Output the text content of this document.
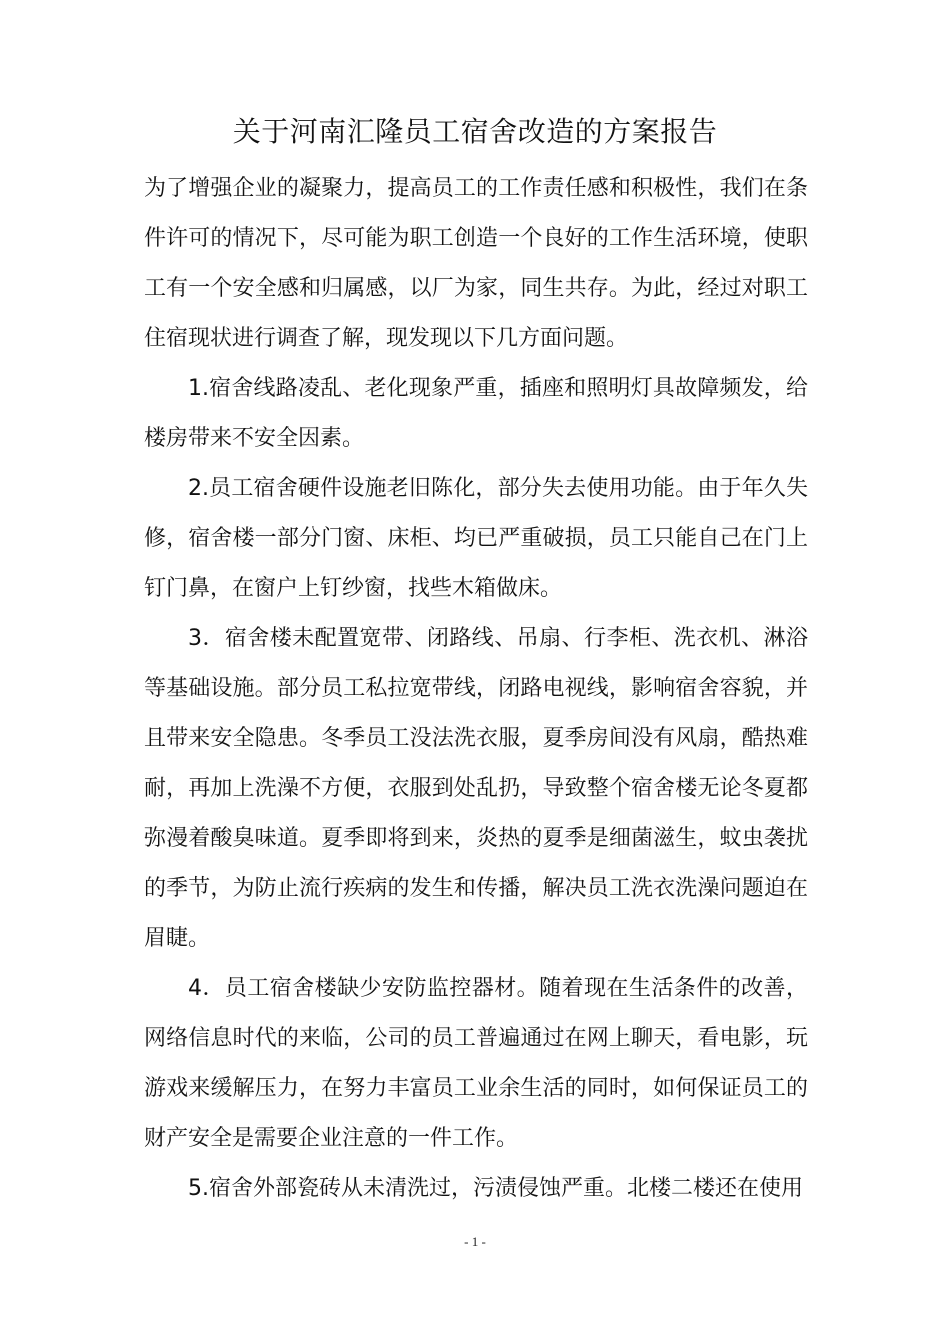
关于河南汇隆员工宿舍改造的方案报告

为了增强企业的凝聚力，提高员工的工作责任感和积极性，我们在条件许可的情况下，尽可能为职工创造一个良好的工作生活环境，使职工有一个安全感和归属感，以厂为家，同生共存。为此，经过对职工住宿现状进行调查了解，现发现以下几方面问题。

1.宿舍线路凌乱、老化现象严重，插座和照明灯具故障频发，给楼房带来不安全因素。

2.员工宿舍硬件设施老旧陈化，部分失去使用功能。由于年久失修，宿舍楼一部分门窗、床柜、均已严重破损，员工只能自己在门上钉门鼻，在窗户上钉纱窗，找些木箱做床。

3．宿舍楼未配置宽带、闭路线、吊扇、行李柜、洗衣机、淋浴等基础设施。部分员工私拉宽带线，闭路电视线，影响宿舍容貌，并且带来安全隐患。冬季员工没法洗衣服，夏季房间没有风扇，酷热难耐，再加上洗澡不方便，衣服到处乱扔，导致整个宿舍楼无论冬夏都弥漫着酸臭味道。夏季即将到来，炎热的夏季是细菌滋生，蚊虫袭扰的季节，为防止流行疾病的发生和传播，解决员工洗衣洗澡问题迫在眉睫。

4．员工宿舍楼缺少安防监控器材。随着现在生活条件的改善，网络信息时代的来临，公司的员工普遍通过在网上聊天，看电影，玩游戏来缓解压力，在努力丰富员工业余生活的同时，如何保证员工的财产安全是需要企业注意的一件工作。

5.宿舍外部瓷砖从未清洗过，污渍侵蚀严重。北楼二楼还在使用

- 1 -
